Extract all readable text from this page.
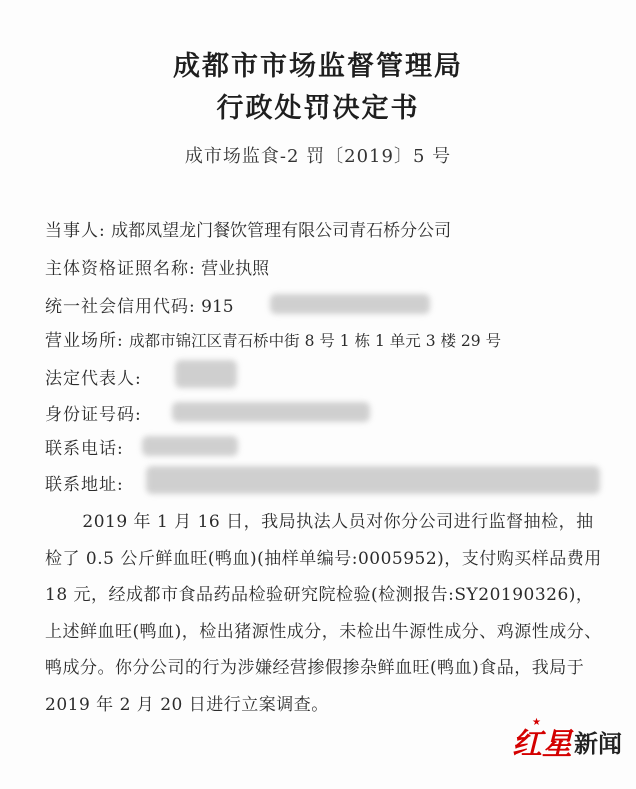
成都市市场监督管理局
行政处罚决定书
成市场监食-2 罚〔2019〕5 号
当事人: 成都凤望龙门餐饮管理有限公司青石桥分公司
主体资格证照名称: 营业执照
统一社会信用代码: 915
营业场所: 成都市锦江区青石桥中街 8 号 1 栋 1 单元 3 楼 29 号
法定代表人:
身份证号码:
联系电话:
联系地址:

2019 年 1 月 16 日，我局执法人员对你分公司进行监督抽检，抽检了 0.5 公斤鲜血旺(鸭血)(抽样单编号:0005952)，支付购买样品费用 18 元，经成都市食品药品检验研究院检验(检测报告:SY20190326)，上述鲜血旺(鸭血)，检出猪源性成分，未检出牛源性成分、鸡源性成分、鸭成分。你分公司的行为涉嫌经营掺假掺杂鲜血旺(鸭血)食品，我局于 2019 年 2 月 20 日进行立案调查。

红星 新闻
★
